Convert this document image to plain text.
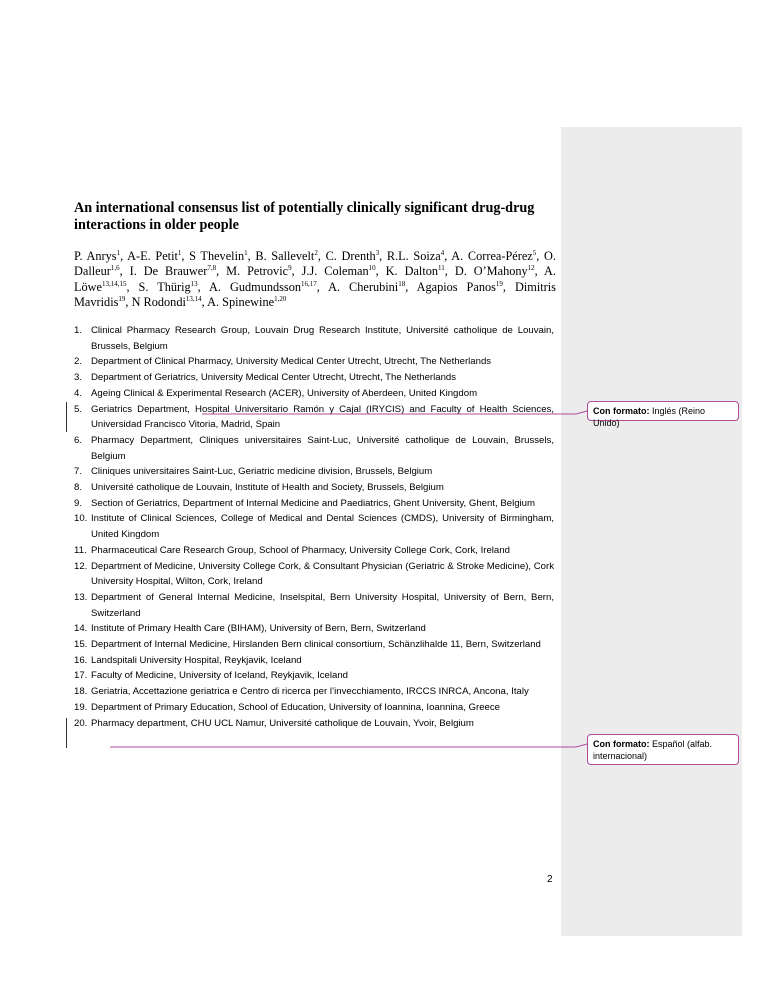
An international consensus list of potentially clinically significant drug-drug interactions in older people
P. Anrys$^1$, A-E. Petit$^1$, S Thevelin$^1$, B. Sallevelt$^2$, C. Drenth$^3$, R.L. Soiza$^4$, A. Correa-Pérez$^5$, O. Dalleur$^{1,6}$, I. De Brauwer$^{7,8}$, M. Petrovic$^9$, J.J. Coleman$^{10}$, K. Dalton$^{11}$, D. O’Mahony$^{12}$, A. Löwe$^{13,14,15}$, S. Thürig$^{13}$, A. Gudmundsson$^{16,17}$, A. Cherubini$^{18}$, Agapios Panos$^{19}$, Dimitris Mavridis$^{19}$, N Rodondi$^{13,14}$, A. Spinewine$^{1,20}$
1. Clinical Pharmacy Research Group, Louvain Drug Research Institute, Université catholique de Louvain, Brussels, Belgium
2. Department of Clinical Pharmacy, University Medical Center Utrecht, Utrecht, The Netherlands
3. Department of Geriatrics, University Medical Center Utrecht, Utrecht, The Netherlands
4. Ageing Clinical & Experimental Research (ACER), University of Aberdeen, United Kingdom
5. Geriatrics Department, Hospital Universitario Ramón y Cajal (IRYCIS) and Faculty of Health Sciences, Universidad Francisco Vitoria, Madrid, Spain
6. Pharmacy Department, Cliniques universitaires Saint-Luc, Université catholique de Louvain, Brussels, Belgium
7. Cliniques universitaires Saint-Luc, Geriatric medicine division, Brussels, Belgium
8. Université catholique de Louvain, Institute of Health and Society, Brussels, Belgium
9. Section of Geriatrics, Department of Internal Medicine and Paediatrics, Ghent University, Ghent, Belgium
10. Institute of Clinical Sciences, College of Medical and Dental Sciences (CMDS), University of Birmingham, United Kingdom
11. Pharmaceutical Care Research Group, School of Pharmacy, University College Cork, Cork, Ireland
12. Department of Medicine, University College Cork, & Consultant Physician (Geriatric & Stroke Medicine), Cork University Hospital, Wilton, Cork, Ireland
13. Department of General Internal Medicine, Inselspital, Bern University Hospital, University of Bern, Bern, Switzerland
14. Institute of Primary Health Care (BIHAM), University of Bern, Bern, Switzerland
15. Department of Internal Medicine, Hirslanden Bern clinical consortium, Schänzlihalde 11, Bern, Switzerland
16. Landspitali University Hospital, Reykjavik, Iceland
17. Faculty of Medicine, University of Iceland, Reykjavik, Iceland
18. Geriatria, Accettazione geriatrica e Centro di ricerca per l’invecchiamento, IRCCS INRCA, Ancona, Italy
19. Department of Primary Education, School of Education, University of Ioannina, Ioannina, Greece
20. Pharmacy department, CHU UCL Namur, Université catholique de Louvain, Yvoir, Belgium
2
Con formato: Inglés (Reino Unido)
Con formato: Español (alfab. internacional)
